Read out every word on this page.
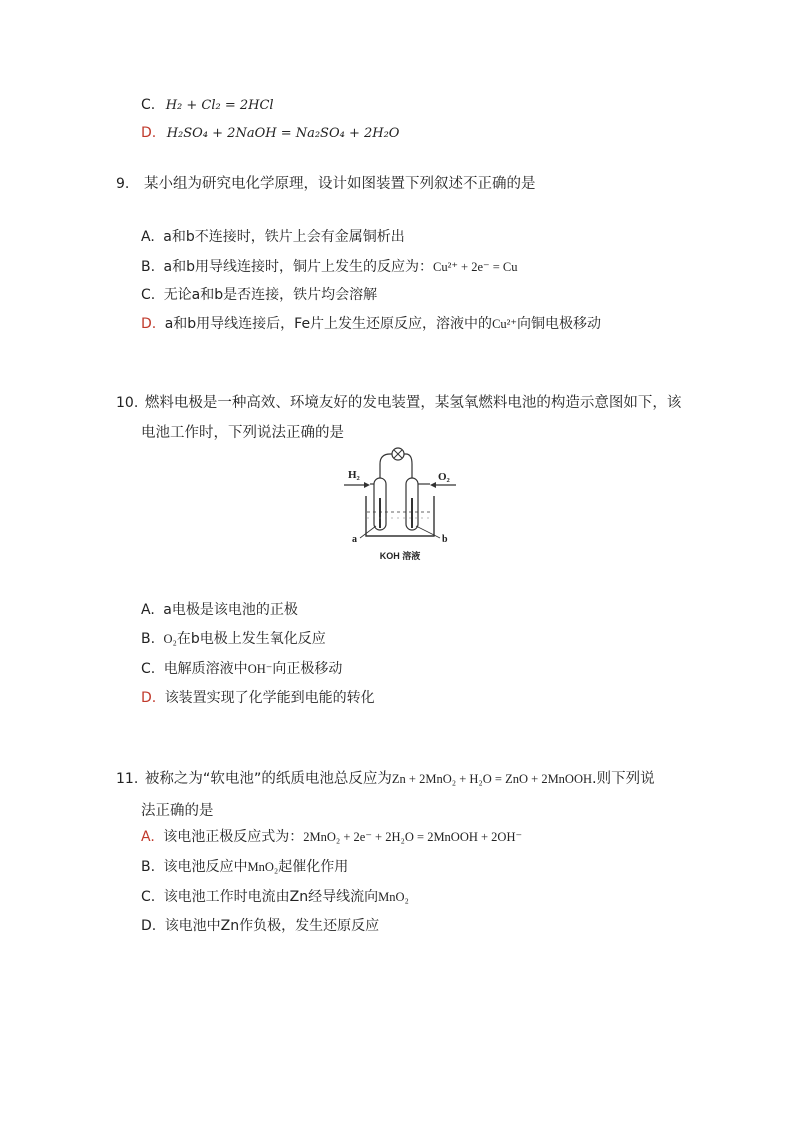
C. H₂ + Cl₂ = 2HCl
D. H₂SO₄ + 2NaOH = Na₂SO₄ + 2H₂O
9. 某小组为研究电化学原理，设计如图装置下列叙述不正确的是
A. a和b不连接时，铁片上会有金属铜析出
B. a和b用导线连接时，铜片上发生的反应为：Cu²⁺ + 2e⁻ = Cu
C. 无论a和b是否连接，铁片均会溶解
D. a和b用导线连接后，Fe片上发生还原反应，溶液中的Cu²⁺向铜电极移动
10. 燃料电极是一种高效、环境友好的发电装置，某氢氧燃料电池的构造示意图如下，该
电池工作时，下列说法正确的是
H₂	O₂
a	b
KOH 溶液
A. a电极是该电池的正极
B. O₂在b电极上发生氧化反应
C. 电解质溶液中OH⁻向正极移动
D. 该装置实现了化学能到电能的转化
11. 被称之为“软电池”的纸质电池总反应为Zn + 2MnO₂ + H₂O = ZnO + 2MnOOH.则下列说
法正确的是
A. 该电池正极反应式为：2MnO₂ + 2e⁻ + 2H₂O = 2MnOOH + 2OH⁻
B. 该电池反应中MnO₂起催化作用
C. 该电池工作时电流由Zn经导线流向MnO₂
D. 该电池中Zn作负极，发生还原反应
